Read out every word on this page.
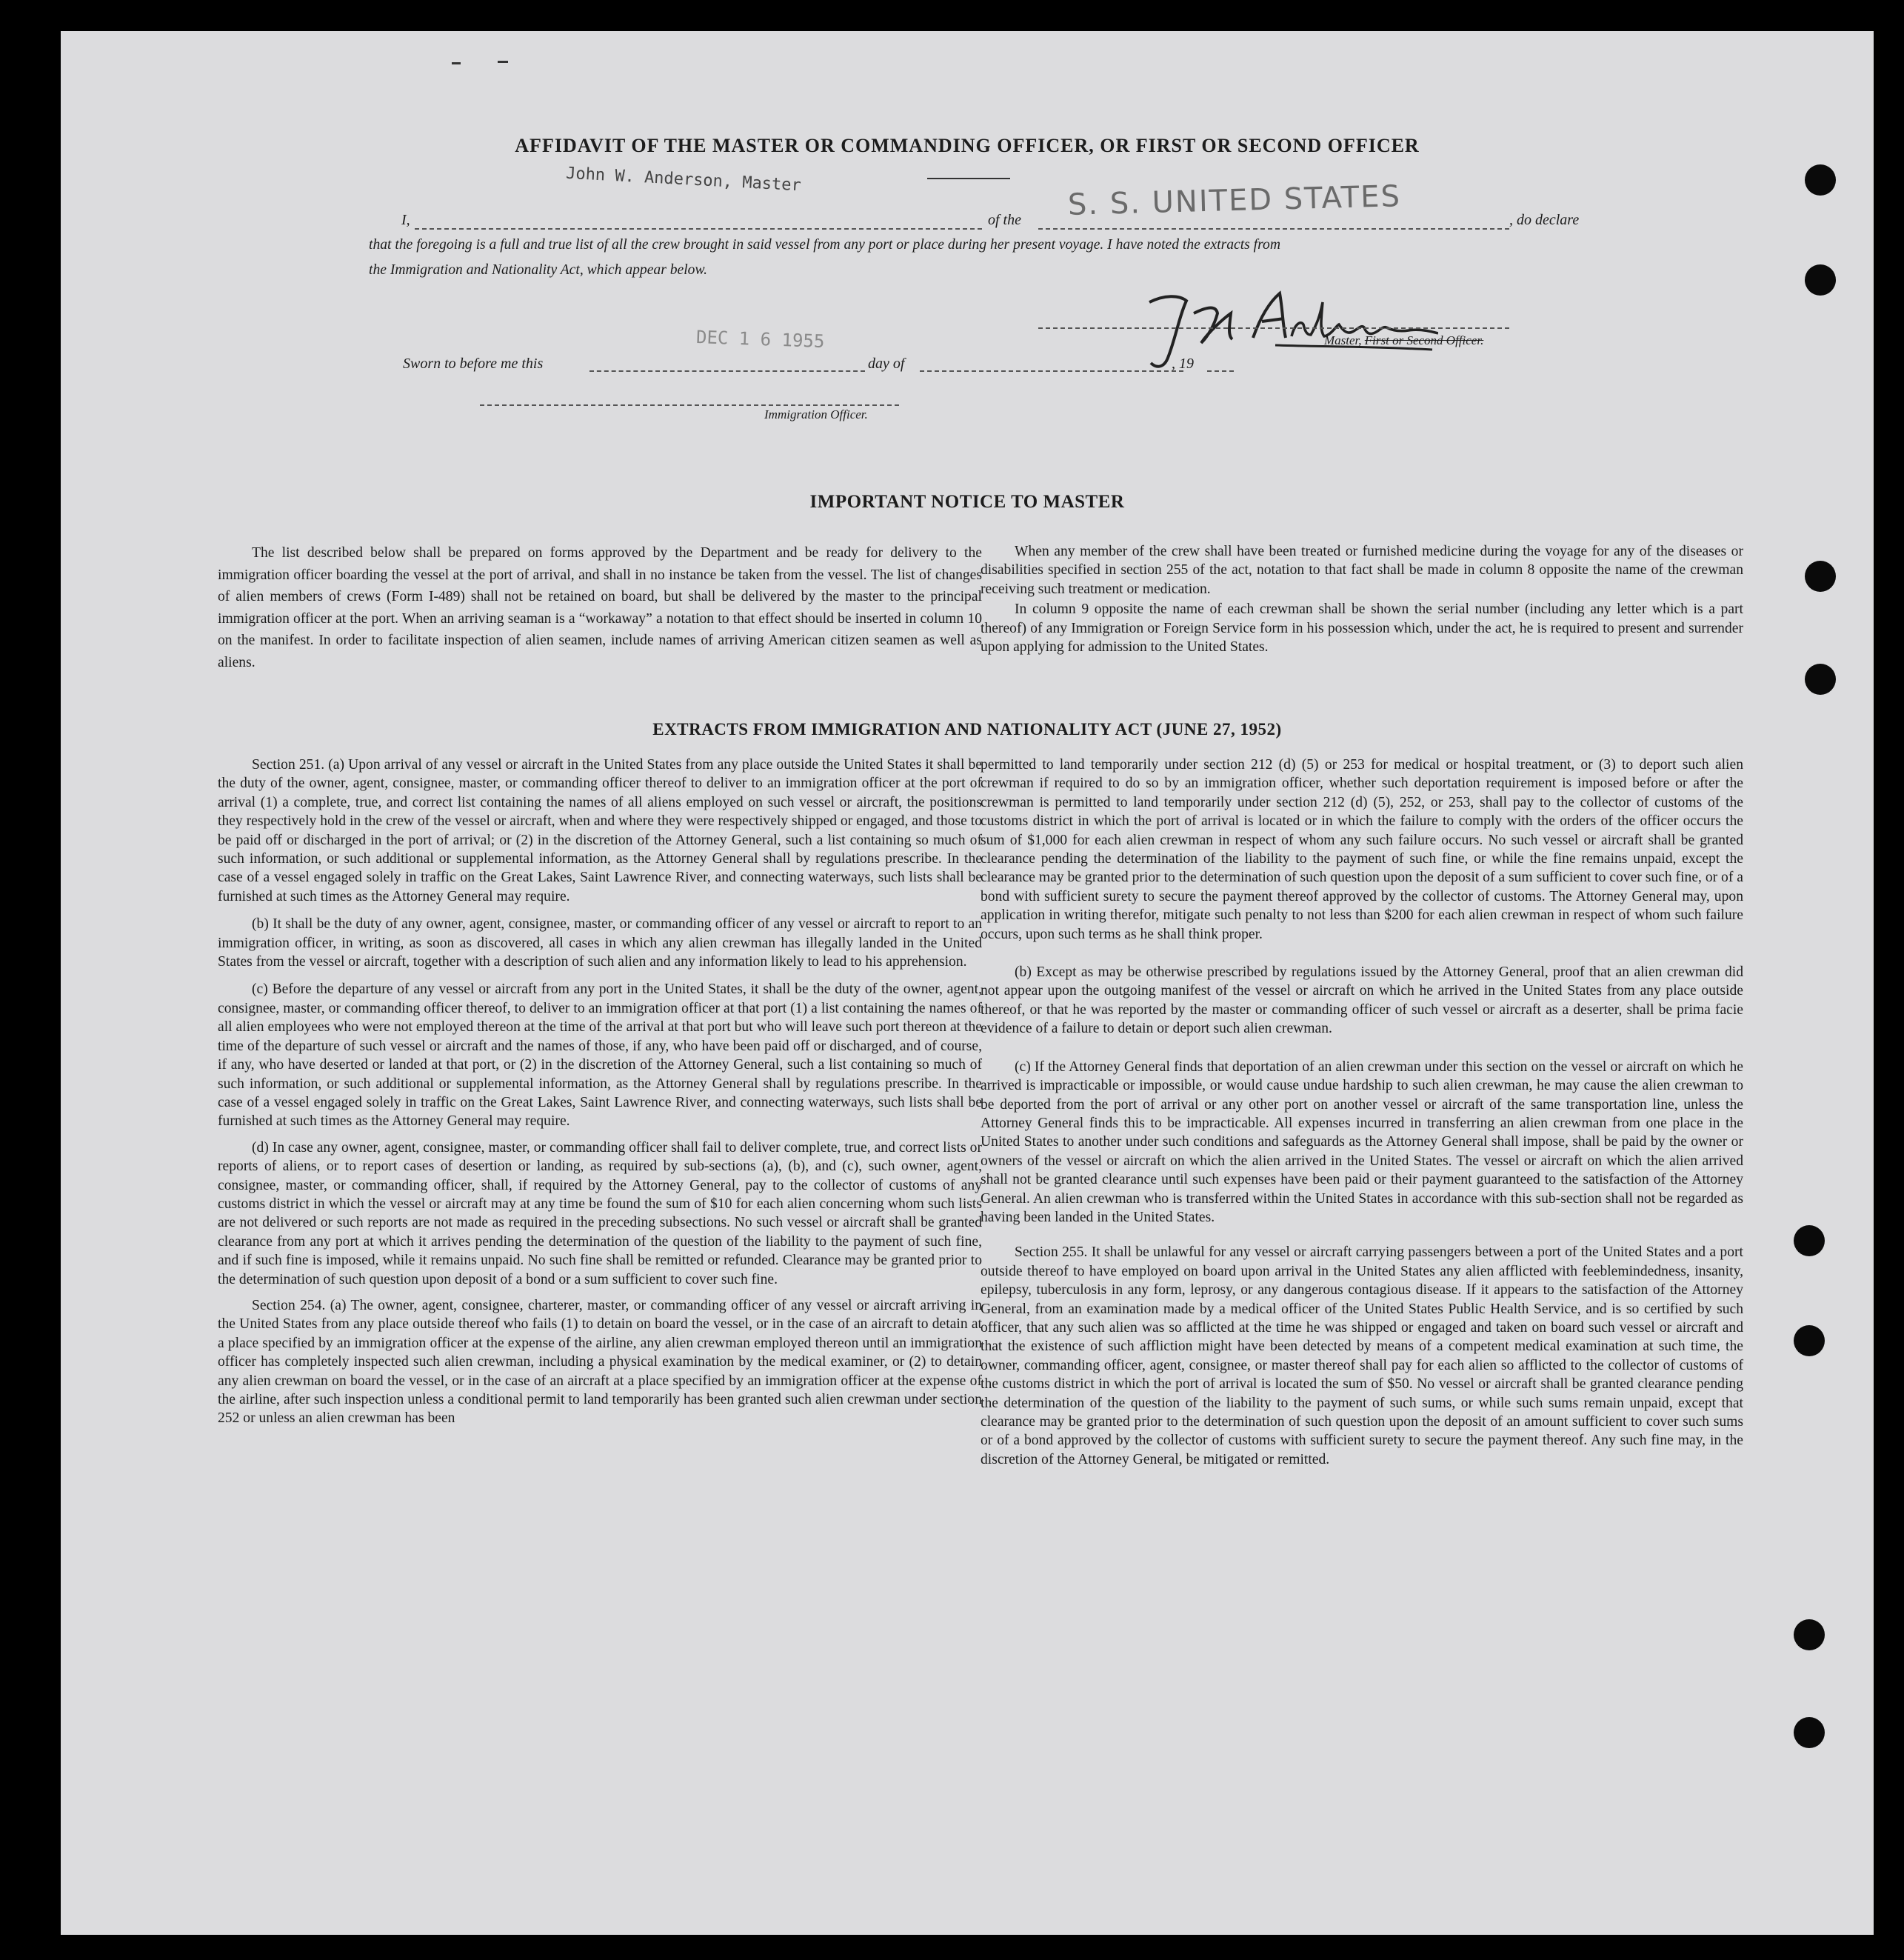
AFFIDAVIT OF THE MASTER OR COMMANDING OFFICER, OR FIRST OR SECOND OFFICER
John W. Anderson, Master
I,	of the S. S. UNITED STATES	, do declare
that the foregoing is a full and true list of all the crew brought in said vessel from any port or place during her present voyage. I have noted the extracts from
the Immigration and Nationality Act, which appear below.
Master, First or Second Officer.
DEC 1 6 1955
Sworn to before me this	day of	, 19
Immigration Officer.
IMPORTANT NOTICE TO MASTER

The list described below shall be prepared on forms approved by the Department and be ready for delivery to the immigration officer boarding the vessel at the port of arrival, and shall in no instance be taken from the vessel. The list of changes of alien members of crews (Form I-489) shall not be retained on board, but shall be delivered by the master to the principal immigration officer at the port. When an arriving seaman is a “workaway” a notation to that effect should be inserted in column 10 on the manifest. In order to facilitate inspection of alien seamen, include names of arriving American citizen seamen as well as aliens.

When any member of the crew shall have been treated or furnished medicine during the voyage for any of the diseases or disabilities specified in section 255 of the act, notation to that fact shall be made in column 8 opposite the name of the crewman receiving such treatment or medication.

In column 9 opposite the name of each crewman shall be shown the serial number (including any letter which is a part thereof) of any Immigration or Foreign Service form in his possession which, under the act, he is required to present and surrender upon applying for admission to the United States.

EXTRACTS FROM IMMIGRATION AND NATIONALITY ACT (JUNE 27, 1952)

Section 251. (a) Upon arrival of any vessel or aircraft in the United States from any place outside the United States it shall be the duty of the owner, agent, consignee, master, or commanding officer thereof to deliver to an immigration officer at the port of arrival (1) a complete, true, and correct list containing the names of all aliens employed on such vessel or aircraft, the positions they respectively hold in the crew of the vessel or aircraft, when and where they were respectively shipped or engaged, and those to be paid off or discharged in the port of arrival; or (2) in the discretion of the Attorney General, such a list containing so much of such information, or such additional or supplemental information, as the Attorney General shall by regulations prescribe. In the case of a vessel engaged solely in traffic on the Great Lakes, Saint Lawrence River, and connecting waterways, such lists shall be furnished at such times as the Attorney General may require.

(b) It shall be the duty of any owner, agent, consignee, master, or commanding officer of any vessel or aircraft to report to an immigration officer, in writing, as soon as discovered, all cases in which any alien crewman has illegally landed in the United States from the vessel or aircraft, together with a description of such alien and any information likely to lead to his apprehension.

(c) Before the departure of any vessel or aircraft from any port in the United States, it shall be the duty of the owner, agent, consignee, master, or commanding officer thereof, to deliver to an immigration officer at that port (1) a list containing the names of all alien employees who were not employed thereon at the time of the arrival at that port but who will leave such port thereon at the time of the departure of such vessel or aircraft and the names of those, if any, who have been paid off or discharged, and of course, if any, who have deserted or landed at that port, or (2) in the discretion of the Attorney General, such a list containing so much of such information, or such additional or supplemental information, as the Attorney General shall by regulations prescribe. In the case of a vessel engaged solely in traffic on the Great Lakes, Saint Lawrence River, and connecting waterways, such lists shall be furnished at such times as the Attorney General may require.

(d) In case any owner, agent, consignee, master, or commanding officer shall fail to deliver complete, true, and correct lists or reports of aliens, or to report cases of desertion or landing, as required by sub-sections (a), (b), and (c), such owner, agent, consignee, master, or commanding officer, shall, if required by the Attorney General, pay to the collector of customs of any customs district in which the vessel or aircraft may at any time be found the sum of $10 for each alien concerning whom such lists are not delivered or such reports are not made as required in the preceding subsections. No such vessel or aircraft shall be granted clearance from any port at which it arrives pending the determination of the question of the liability to the payment of such fine, and if such fine is imposed, while it remains unpaid. No such fine shall be remitted or refunded. Clearance may be granted prior to the determination of such question upon deposit of a bond or a sum sufficient to cover such fine.

Section 254. (a) The owner, agent, consignee, charterer, master, or commanding officer of any vessel or aircraft arriving in the United States from any place outside thereof who fails (1) to detain on board the vessel, or in the case of an aircraft to detain at a place specified by an immigration officer at the expense of the airline, any alien crewman employed thereon until an immigration officer has completely inspected such alien crewman, including a physical examination by the medical examiner, or (2) to detain any alien crewman on board the vessel, or in the case of an aircraft at a place specified by an immigration officer at the expense of the airline, after such inspection unless a conditional permit to land temporarily has been granted such alien crewman under section 252 or unless an alien crewman has been

permitted to land temporarily under section 212 (d) (5) or 253 for medical or hospital treatment, or (3) to deport such alien crewman if required to do so by an immigration officer, whether such deportation requirement is imposed before or after the crewman is permitted to land temporarily under section 212 (d) (5), 252, or 253, shall pay to the collector of customs of the customs district in which the port of arrival is located or in which the failure to comply with the orders of the officer occurs the sum of $1,000 for each alien crewman in respect of whom any such failure occurs. No such vessel or aircraft shall be granted clearance pending the determination of the liability to the payment of such fine, or while the fine remains unpaid, except the clearance may be granted prior to the determination of such question upon the deposit of a sum sufficient to cover such fine, or of a bond with sufficient surety to secure the payment thereof approved by the collector of customs. The Attorney General may, upon application in writing therefor, mitigate such penalty to not less than $200 for each alien crewman in respect of whom such failure occurs, upon such terms as he shall think proper.

(b) Except as may be otherwise prescribed by regulations issued by the Attorney General, proof that an alien crewman did not appear upon the outgoing manifest of the vessel or aircraft on which he arrived in the United States from any place outside thereof, or that he was reported by the master or commanding officer of such vessel or aircraft as a deserter, shall be prima facie evidence of a failure to detain or deport such alien crewman.

(c) If the Attorney General finds that deportation of an alien crewman under this section on the vessel or aircraft on which he arrived is impracticable or impossible, or would cause undue hardship to such alien crewman, he may cause the alien crewman to be deported from the port of arrival or any other port on another vessel or aircraft of the same transportation line, unless the Attorney General finds this to be impracticable. All expenses incurred in transferring an alien crewman from one place in the United States to another under such conditions and safeguards as the Attorney General shall impose, shall be paid by the owner or owners of the vessel or aircraft on which the alien arrived in the United States. The vessel or aircraft on which the alien arrived shall not be granted clearance until such expenses have been paid or their payment guaranteed to the satisfaction of the Attorney General. An alien crewman who is transferred within the United States in accordance with this sub-section shall not be regarded as having been landed in the United States.

Section 255. It shall be unlawful for any vessel or aircraft carrying passengers between a port of the United States and a port outside thereof to have employed on board upon arrival in the United States any alien afflicted with feeblemindedness, insanity, epilepsy, tuberculosis in any form, leprosy, or any dangerous contagious disease. If it appears to the satisfaction of the Attorney General, from an examination made by a medical officer of the United States Public Health Service, and is so certified by such officer, that any such alien was so afflicted at the time he was shipped or engaged and taken on board such vessel or aircraft and that the existence of such affliction might have been detected by means of a competent medical examination at such time, the owner, commanding officer, agent, consignee, or master thereof shall pay for each alien so afflicted to the collector of customs of the customs district in which the port of arrival is located the sum of $50. No vessel or aircraft shall be granted clearance pending the determination of the question of the liability to the payment of such sums, or while such sums remain unpaid, except that clearance may be granted prior to the determination of such question upon the deposit of an amount sufficient to cover such sums or of a bond approved by the collector of customs with sufficient surety to secure the payment thereof. Any such fine may, in the discretion of the Attorney General, be mitigated or remitted.
